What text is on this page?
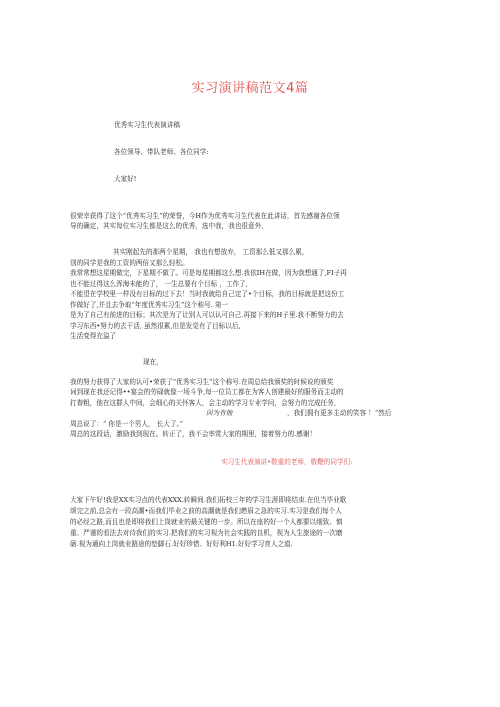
实习演讲稿范文4篇
优秀实习生代表演讲稿
各位领导、带队老师、各位同学:
大家好!
很荣幸获得了这个“优秀实习生”的荣誉，今H作为优秀实习生代表在此讲话，首先感谢各位领
导的确定，其实每位实习生都是这么的优秀，选中我，我也很意外，
其实刚起先的那两个星期， 我也有想放弃， 工资那么低又那么累，
别的同学是我的工资的两倍又那么轻松。
我常常想这星期做完，下星期不做了。可是每星期都这么想.我依IH在做，因为我想通了,FI子再
也不能过得这么浑海未能的了， 一生总要有个目标 ，工作了，
不能望在学校里一样没有目标的过下去！当时我就给自己定了•个目标，我的目标就是把这份工
作做好了,并且去争取“年度优秀实习生”这个称号. 第一
是为了自己有前进的目标；其次是为了让别人可以认可自己.再接下来的H子里.我不断努力的去
学习东西•努力的去干活, 虽然很累,但是发觉有了目标以后,
生活变得充溢了
现在，
我的努力获得了大家的认可•荣获了“优秀实习生”这个称号.在周总给我颁奖的时候说的颁奖
词到现在我还记得••宴会的劳碌就像一场斗争,每一位员工都在为客人创建最好的服务而主动的
打眷粗，他在这群人中间，会细心的关怀客人，会主动的学习专业学问，会努力的完成任务，
因为有他	，我们拥有更多主动的笑容 ！“然后
周总说了：“ 你是一个男人， 长大了。”
周总的这段话，激励我到现在。转正了，我不会率赏大家的期里，接着努力的.感谢！
实习生代表演讲•敬重的老师，敬鞭的同学们:
大家下午好!我是XX实习点的代表XXX.转瞬间.我们拓校三年的学习生涯即将结束.在但当毕业歌
颂完之前,总会有一段高潮•而我们毕业之前的高潮就是我们燃眉之急的实习.实习是我们每个人
的必经之路,而且也是即将我们上岗就业的最关键的一步。所以在座的好一个人都要以细致、慎
重、严谨的看法去对待我们的实习.把我们的实习视为社会实践的良机，视为人生旅途的一次磨
砺.视为通向上岗就业路途的垫脚石.好好珍惜、好好利H1.好好学习育人之道.
